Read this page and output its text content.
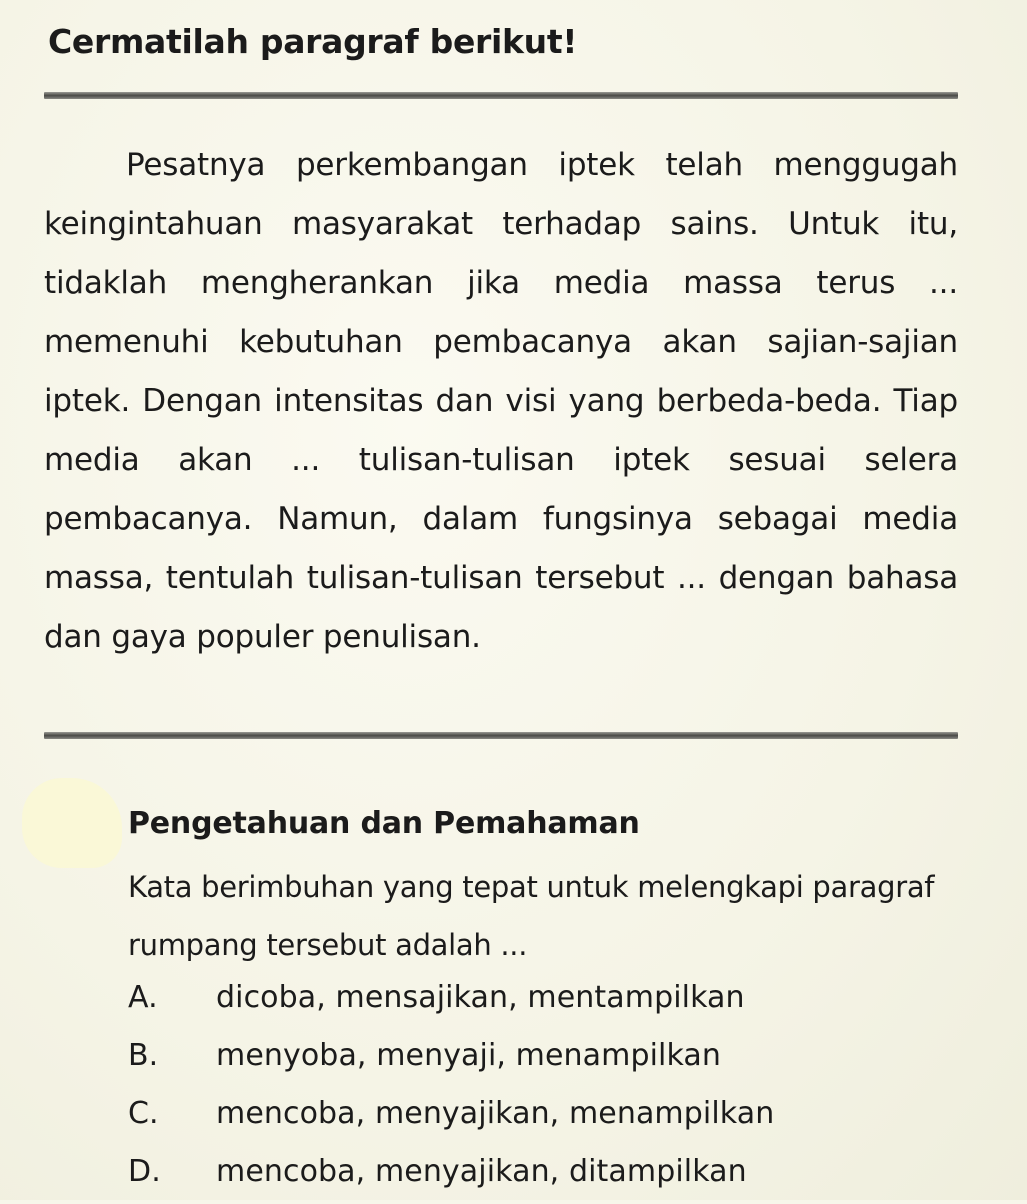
Cermatilah paragraf berikut!

Pesatnya perkembangan iptek telah menggugah keingintahuan masyarakat terhadap sains. Untuk itu, tidaklah mengherankan jika media massa terus ... memenuhi kebutuhan pembacanya akan sajian-sajian iptek. Dengan intensitas dan visi yang berbeda-beda. Tiap media akan ... tulisan-tulisan iptek sesuai selera pembacanya. Namun, dalam fungsinya sebagai media massa, tentulah tulisan-tulisan tersebut ... dengan bahasa dan gaya populer penulisan.

Pengetahuan dan Pemahaman

Kata berimbuhan yang tepat untuk melengkapi paragraf rumpang tersebut adalah ...

A.	dicoba, mensajikan, mentampilkan
B.	menyoba, menyaji, menampilkan
C.	mencoba, menyajikan, menampilkan
D.	mencoba, menyajikan, ditampilkan
